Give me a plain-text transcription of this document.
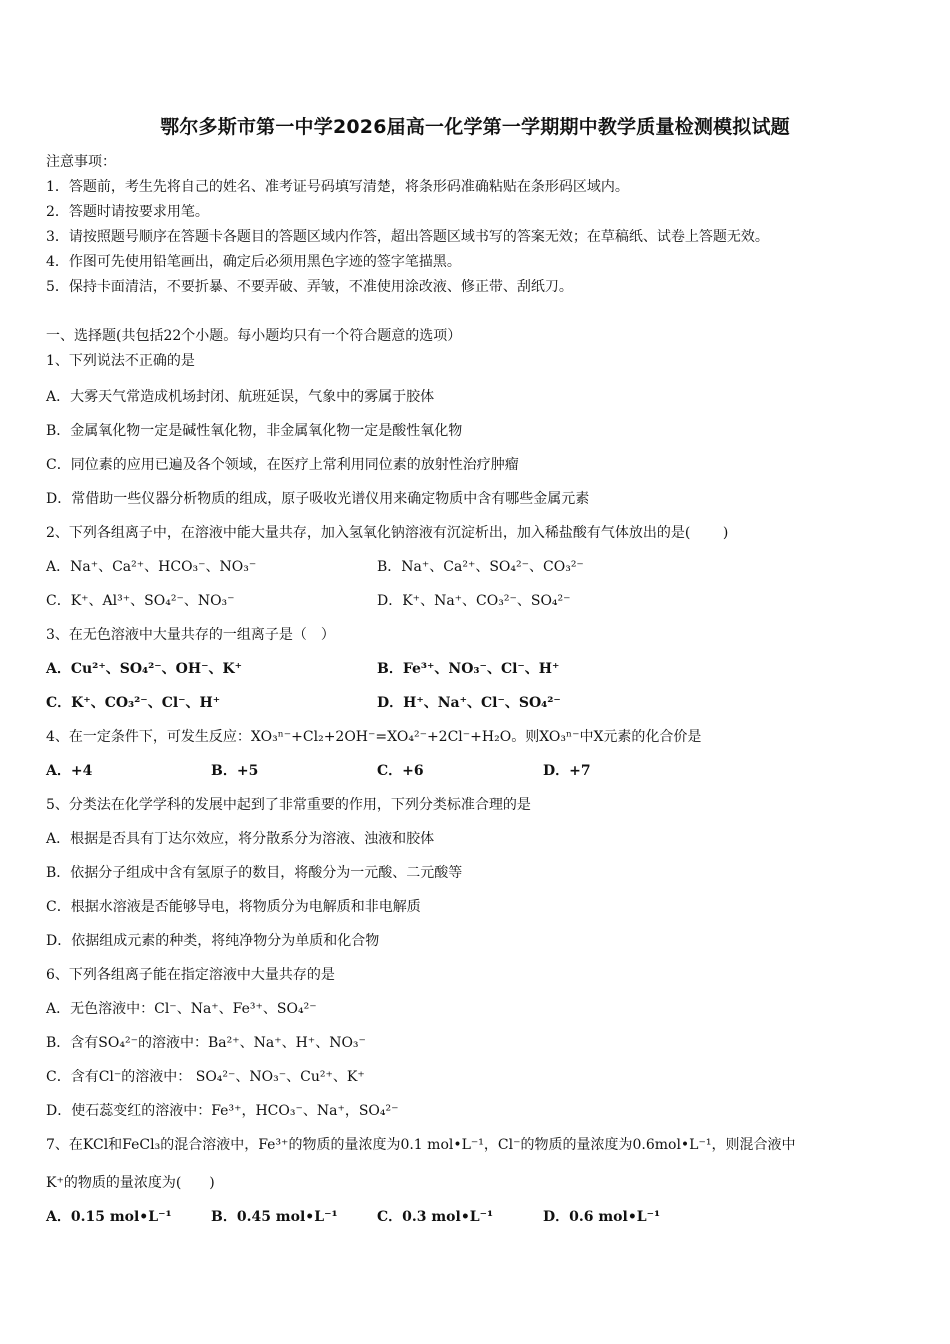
鄂尔多斯市第一中学2026届高一化学第一学期期中教学质量检测模拟试题
注意事项：
1．答题前，考生先将自己的姓名、准考证号码填写清楚，将条形码准确粘贴在条形码区域内。
2．答题时请按要求用笔。
3．请按照题号顺序在答题卡各题目的答题区域内作答，超出答题区域书写的答案无效；在草稿纸、试卷上答题无效。
4．作图可先使用铅笔画出，确定后必须用黑色字迹的签字笔描黑。
5．保持卡面清洁，不要折暴、不要弄破、弄皱，不准使用涂改液、修正带、刮纸刀。
一、选择题(共包括22个小题。每小题均只有一个符合题意的选项）
1、下列说法不正确的是
A．大雾天气常造成机场封闭、航班延误，气象中的雾属于胶体
B．金属氧化物一定是碱性氧化物，非金属氧化物一定是酸性氧化物
C．同位素的应用已遍及各个领域，在医疗上常利用同位素的放射性治疗肿瘤
D．常借助一些仪器分析物质的组成，原子吸收光谱仪用来确定物质中含有哪些金属元素
2、下列各组离子中，在溶液中能大量共存，加入氢氧化钠溶液有沉淀析出，加入稀盐酸有气体放出的是(　　 )
A．Na⁺、Ca²⁺、HCO₃⁻、NO₃⁻	B．Na⁺、Ca²⁺、SO₄²⁻、CO₃²⁻
C．K⁺、Al³⁺、SO₄²⁻、NO₃⁻	D．K⁺、Na⁺、CO₃²⁻、SO₄²⁻
3、在无色溶液中大量共存的一组离子是（　）
A．Cu²⁺、SO₄²⁻、OH⁻、K⁺	B．Fe³⁺、NO₃⁻、Cl⁻、H⁺
C．K⁺、CO₃²⁻、Cl⁻、H⁺	D．H⁺、Na⁺、Cl⁻、SO₄²⁻
4、在一定条件下，可发生反应：XO₃ⁿ⁻+Cl₂+2OH⁻=XO₄²⁻+2Cl⁻+H₂O。则XO₃ⁿ⁻中X元素的化合价是
A．+4	B．+5	C．+6	D．+7
5、分类法在化学学科的发展中起到了非常重要的作用，下列分类标准合理的是
A．根据是否具有丁达尔效应，将分散系分为溶液、浊液和胶体
B．依据分子组成中含有氢原子的数目，将酸分为一元酸、二元酸等
C．根据水溶液是否能够导电，将物质分为电解质和非电解质
D．依据组成元素的种类，将纯净物分为单质和化合物
6、下列各组离子能在指定溶液中大量共存的是
A．无色溶液中：Cl⁻、Na⁺、Fe³⁺、SO₄²⁻
B．含有SO₄²⁻的溶液中：Ba²⁺、Na⁺、H⁺、NO₃⁻
C．含有Cl⁻的溶液中： SO₄²⁻、NO₃⁻、Cu²⁺、K⁺
D．使石蕊变红的溶液中：Fe³⁺，HCO₃⁻、Na⁺，SO₄²⁻
7、在KCl和FeCl₃的混合溶液中，Fe³⁺的物质的量浓度为0.1 mol•L⁻¹，Cl⁻的物质的量浓度为0.6mol•L⁻¹，则混合液中
K⁺的物质的量浓度为(　　)
A．0.15 mol•L⁻¹	B．0.45 mol•L⁻¹	C．0.3 mol•L⁻¹	D．0.6 mol•L⁻¹
